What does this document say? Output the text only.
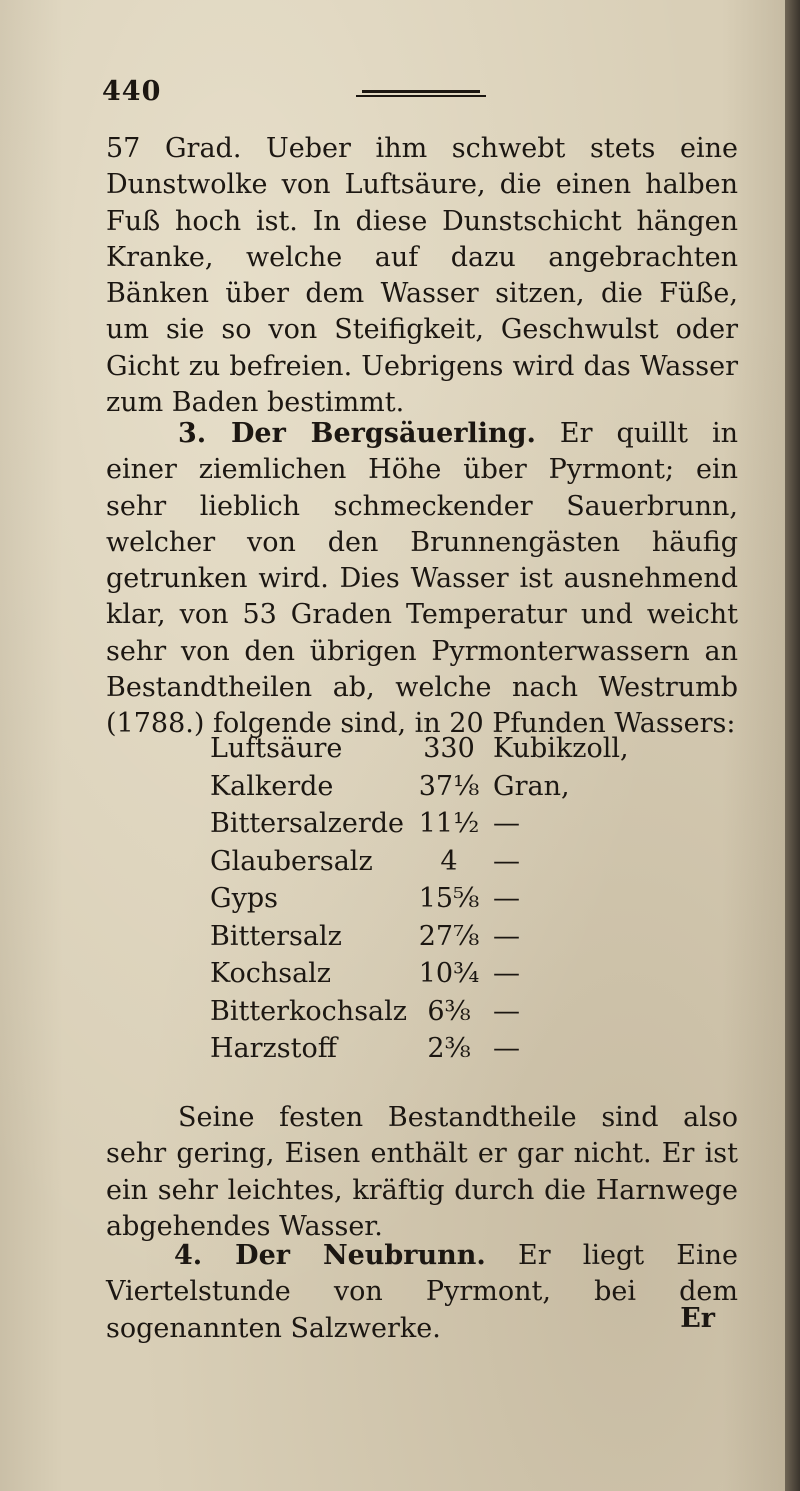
440
57 Grad. Ueber ihm schwebt stets eine Dunstwolke von Luftsäure, die einen halben Fuß hoch ist. In diese Dunstschicht hängen Kranke, welche auf dazu angebrachten Bänken über dem Wasser sitzen, die Füße, um sie so von Steifigkeit, Geschwulst oder Gicht zu befreien. Uebrigens wird das Wasser zum Baden bestimmt.
3. Der Bergsäuerling. Er quillt in einer ziemlichen Höhe über Pyrmont; ein sehr lieblich schmeckender Sauerbrunn, welcher von den Brunnengästen häufig getrunken wird. Dies Wasser ist ausnehmend klar, von 53 Graden Temperatur und weicht sehr von den übrigen Pyrmonterwassern an Bestandtheilen ab, welche nach Westrumb (1788.) folgende sind, in 20 Pfunden Wassers:
Luftsäure	330 Kubikzoll,
Kalkerde	37⅛ Gran,
Bittersalzerde 11½ —
Glaubersalz	4	—
Gyps	15⅝ —
Bittersalz	27⅞ —
Kochsalz	10¾ —
Bitterkochsalz 6⅜ —
Harzstoff	2⅜ —
Seine festen Bestandtheile sind also sehr gering, Eisen enthält er gar nicht. Er ist ein sehr leichtes, kräftig durch die Harnwege abgehendes Wasser.
4. Der Neubrunn. Er liegt Eine Viertelstunde von Pyrmont, bei dem sogenannten Salzwerke.	Er
